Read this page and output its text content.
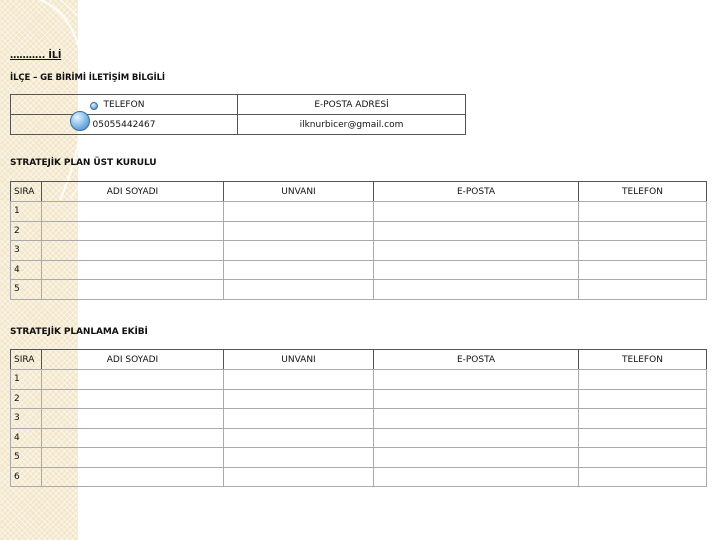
……….. İLİ
İLÇE – GE BİRİMİ İLETİŞİM BİLGİLİ
TELEFON	E-POSTA ADRESİ
05055442467	ilknurbicer@gmail.com
STRATEJİK PLAN ÜST KURULU
SIRA	ADI SOYADI	UNVANI	E-POSTA	TELEFON
1				
2				
3				
4				
5				
STRATEJİK PLANLAMA EKİBİ
SIRA	ADI SOYADI	UNVANI	E-POSTA	TELEFON
1				
2				
3				
4				
5				
6				
